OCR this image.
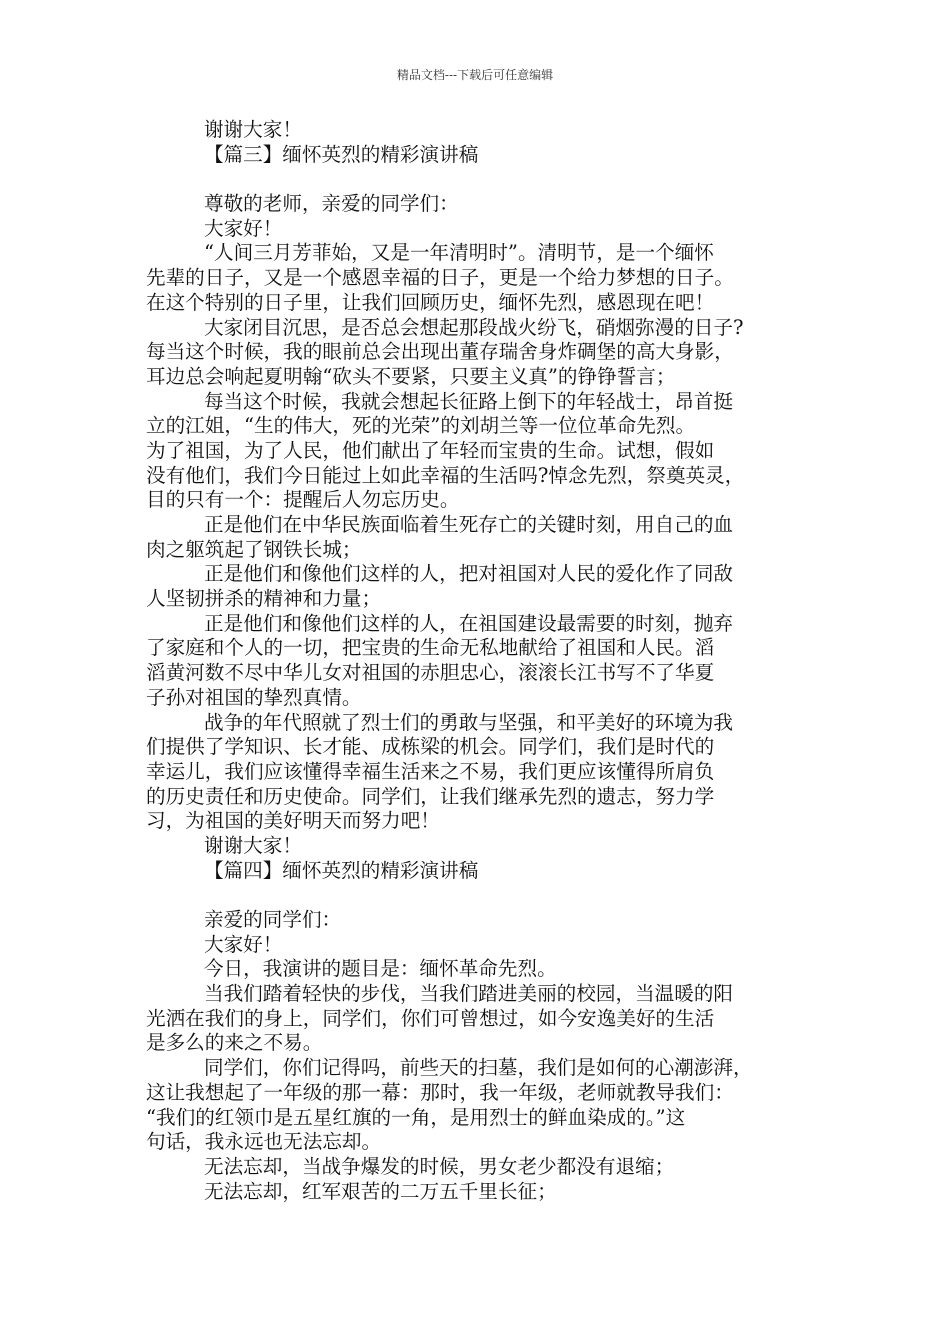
精品文档---下载后可任意编辑
谢谢大家！
【篇三】缅怀英烈的精彩演讲稿
尊敬的老师，亲爱的同学们：
大家好！
“人间三月芳菲始，又是一年清明时”。清明节，是一个缅怀
先辈的日子，又是一个感恩幸福的日子，更是一个给力梦想的日子。
在这个特别的日子里，让我们回顾历史，缅怀先烈，感恩现在吧！
大家闭目沉思，是否总会想起那段战火纷飞，硝烟弥漫的日子?
每当这个时候，我的眼前总会出现出董存瑞舍身炸碉堡的高大身影，
耳边总会响起夏明翰“砍头不要紧，只要主义真”的铮铮誓言；
每当这个时候，我就会想起长征路上倒下的年轻战士，昂首挺
立的江姐，“生的伟大，死的光荣”的刘胡兰等一位位革命先烈。
为了祖国，为了人民，他们献出了年轻而宝贵的生命。试想，假如
没有他们，我们今日能过上如此幸福的生活吗?悼念先烈，祭奠英灵，
目的只有一个：提醒后人勿忘历史。
正是他们在中华民族面临着生死存亡的关键时刻，用自己的血
肉之躯筑起了钢铁长城；
正是他们和像他们这样的人，把对祖国对人民的爱化作了同敌
人坚韧拼杀的精神和力量；
正是他们和像他们这样的人，在祖国建设最需要的时刻，抛弃
了家庭和个人的一切，把宝贵的生命无私地献给了祖国和人民。滔
滔黄河数不尽中华儿女对祖国的赤胆忠心，滚滚长江书写不了华夏
子孙对祖国的挚烈真情。
战争的年代照就了烈士们的勇敢与坚强，和平美好的环境为我
们提供了学知识、长才能、成栋梁的机会。同学们，我们是时代的
幸运儿，我们应该懂得幸福生活来之不易，我们更应该懂得所肩负
的历史责任和历史使命。同学们，让我们继承先烈的遗志，努力学
习，为祖国的美好明天而努力吧！
谢谢大家！
【篇四】缅怀英烈的精彩演讲稿
亲爱的同学们：
大家好！
今日，我演讲的题目是：缅怀革命先烈。
当我们踏着轻快的步伐，当我们踏进美丽的校园，当温暖的阳
光洒在我们的身上，同学们，你们可曾想过，如今安逸美好的生活
是多么的来之不易。
同学们，你们记得吗，前些天的扫墓，我们是如何的心潮澎湃，
这让我想起了一年级的那一幕：那时，我一年级，老师就教导我们：
“我们的红领巾是五星红旗的一角，是用烈士的鲜血染成的。”这
句话，我永远也无法忘却。
无法忘却，当战争爆发的时候，男女老少都没有退缩；
无法忘却，红军艰苦的二万五千里长征；
